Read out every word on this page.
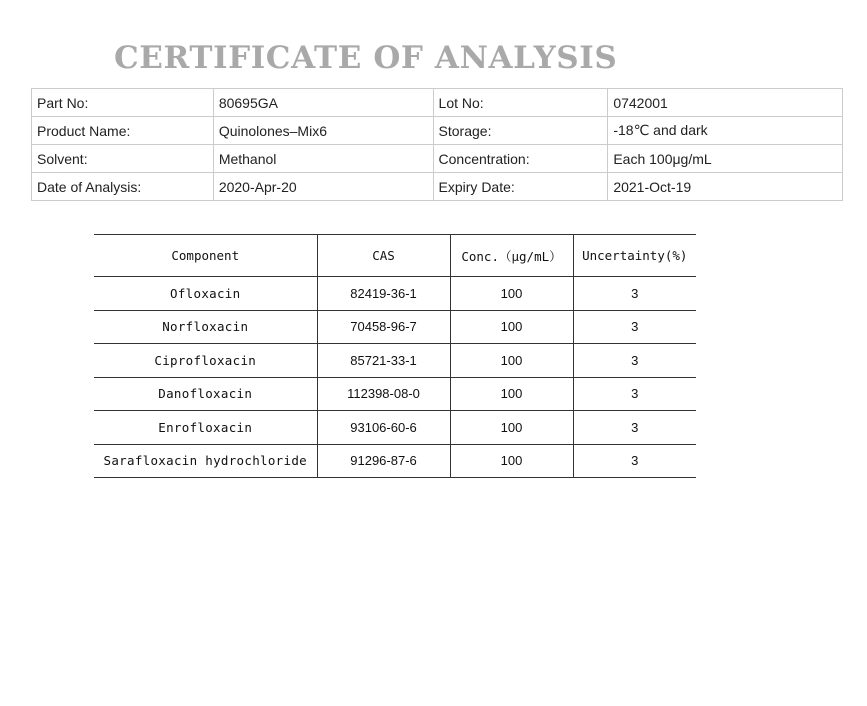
CERTIFICATE OF ANALYSIS
Part No:	80695GA	Lot No:	0742001
Product Name:	Quinolones–Mix6	Storage:	-18℃ and dark
Solvent:	Methanol	Concentration:	Each 100μg/mL
Date of Analysis:	2020-Apr-20	Expiry Date:	2021-Oct-19
Component	CAS	Conc.（μg/mL）	Uncertainty(%)
Ofloxacin	82419-36-1	100	3
Norfloxacin	70458-96-7	100	3
Ciprofloxacin	85721-33-1	100	3
Danofloxacin	112398-08-0	100	3
Enrofloxacin	93106-60-6	100	3
Sarafloxacin hydrochloride	91296-87-6	100	3
